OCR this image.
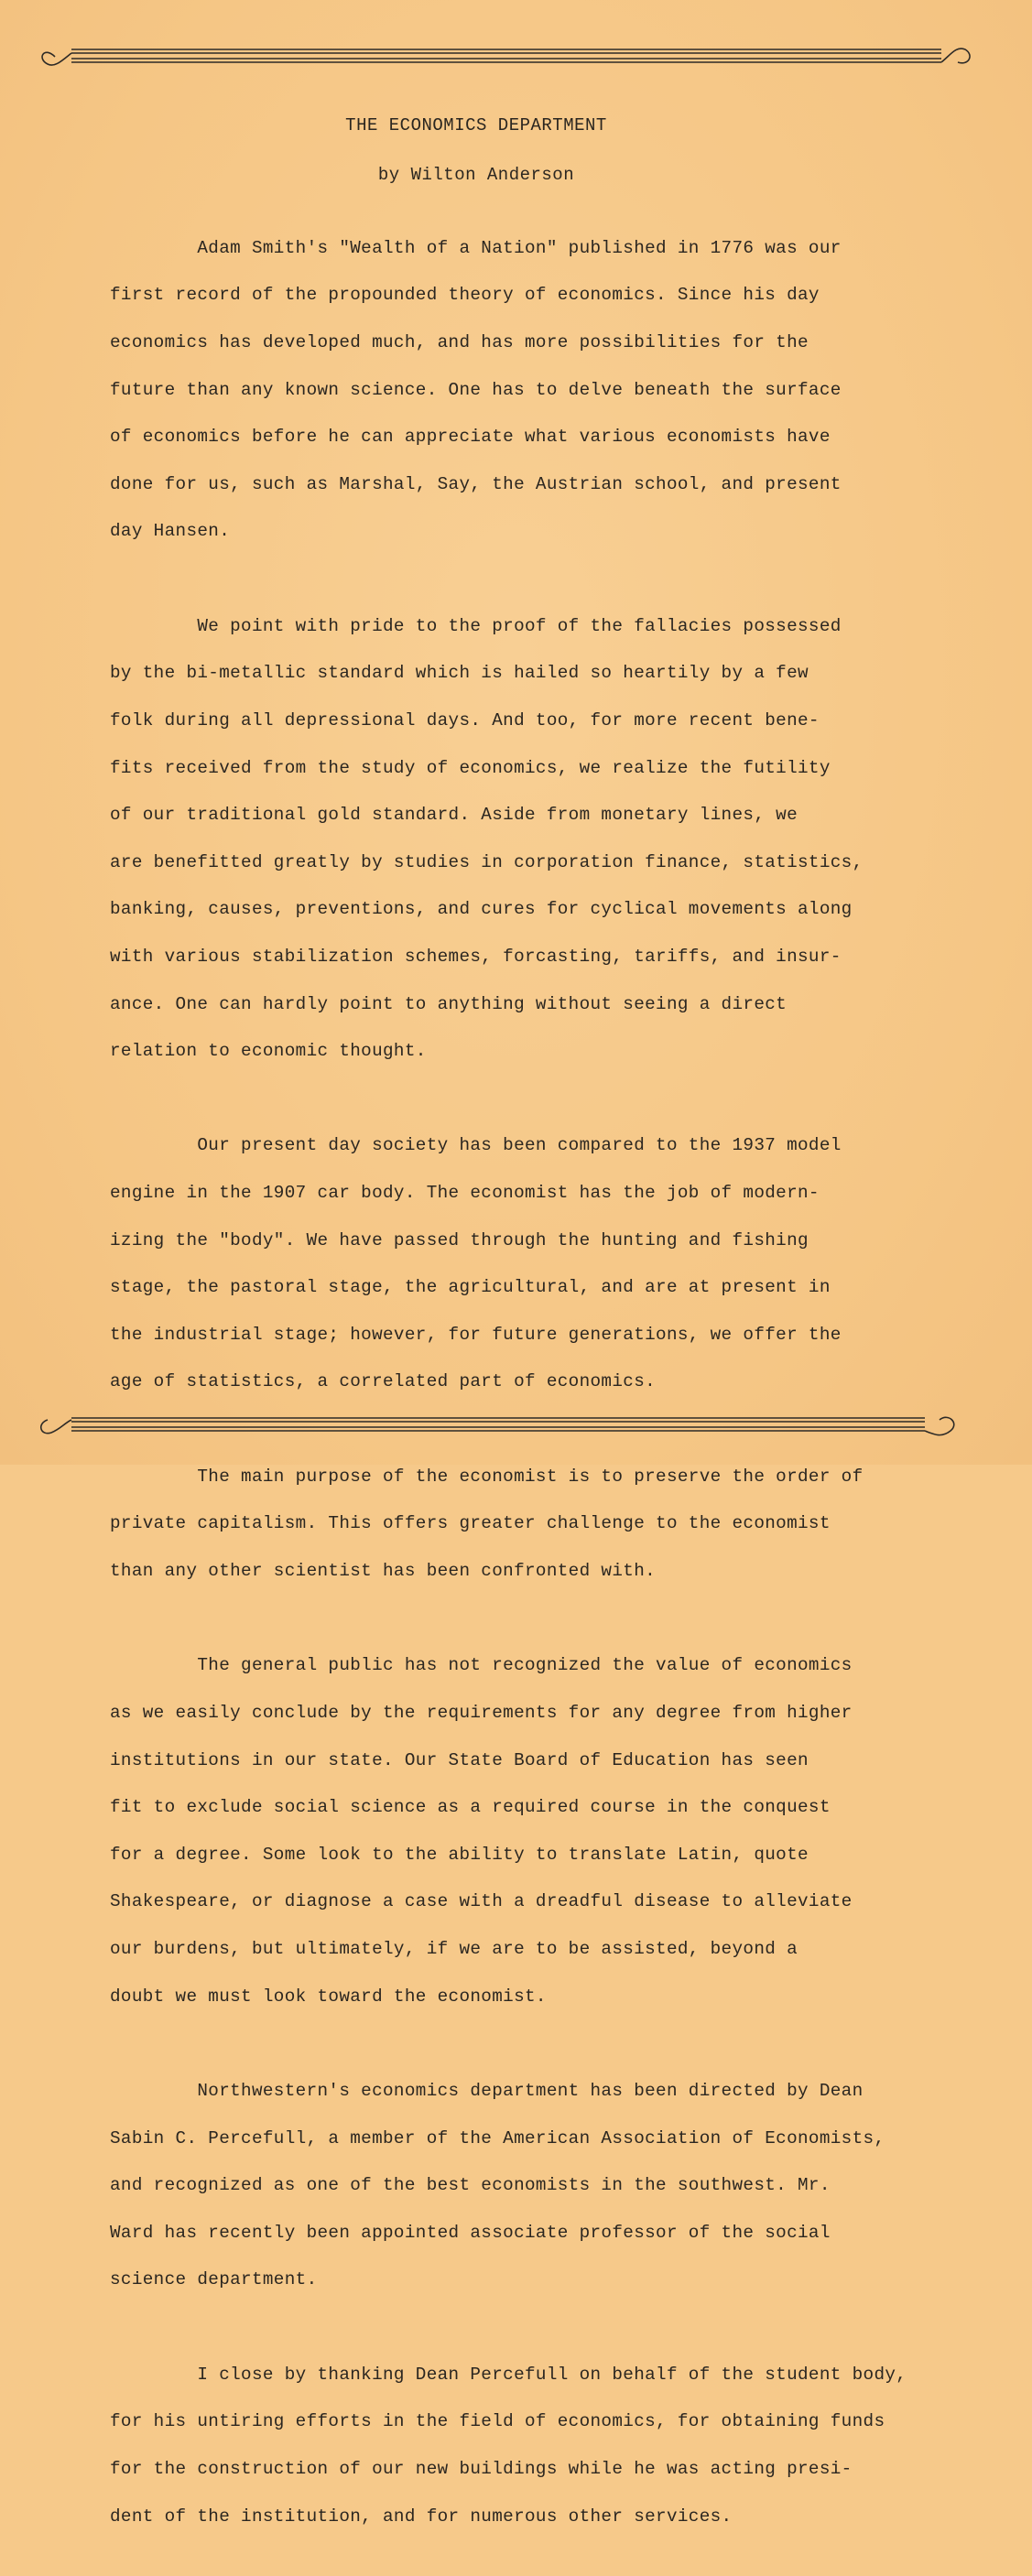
THE ECONOMICS DEPARTMENT
by Wilton Anderson

Adam Smith's "Wealth of a Nation" published in 1776 was our

first record of the propounded theory of economics. Since his day

economics has developed much, and has more possibilities for the

future than any known science. One has to delve beneath the surface

of economics before he can appreciate what various economists have

done for us, such as Marshal, Say, the Austrian school, and present

day Hansen.

We point with pride to the proof of the fallacies possessed

by the bi-metallic standard which is hailed so heartily by a few

folk during all depressional days. And too, for more recent bene-

fits received from the study of economics, we realize the futility

of our traditional gold standard. Aside from monetary lines, we

are benefitted greatly by studies in corporation finance, statistics,

banking, causes, preventions, and cures for cyclical movements along

with various stabilization schemes, forcasting, tariffs, and insur-

ance. One can hardly point to anything without seeing a direct

relation to economic thought.

Our present day society has been compared to the 1937 model

engine in the 1907 car body. The economist has the job of modern-

izing the "body". We have passed through the hunting and fishing

stage, the pastoral stage, the agricultural, and are at present in

the industrial stage; however, for future generations, we offer the

age of statistics, a correlated part of economics.

The main purpose of the economist is to preserve the order of

private capitalism. This offers greater challenge to the economist

than any other scientist has been confronted with.

The general public has not recognized the value of economics

as we easily conclude by the requirements for any degree from higher

institutions in our state. Our State Board of Education has seen

fit to exclude social science as a required course in the conquest

for a degree. Some look to the ability to translate Latin, quote

Shakespeare, or diagnose a case with a dreadful disease to alleviate

our burdens, but ultimately, if we are to be assisted, beyond a

doubt we must look toward the economist.

Northwestern's economics department has been directed by Dean

Sabin C. Percefull, a member of the American Association of Economists,

and recognized as one of the best economists in the southwest. Mr.

Ward has recently been appointed associate professor of the social

science department.

I close by thanking Dean Percefull on behalf of the student body,

for his untiring efforts in the field of economics, for obtaining funds

for the construction of our new buildings while he was acting presi-

dent of the institution, and for numerous other services.
